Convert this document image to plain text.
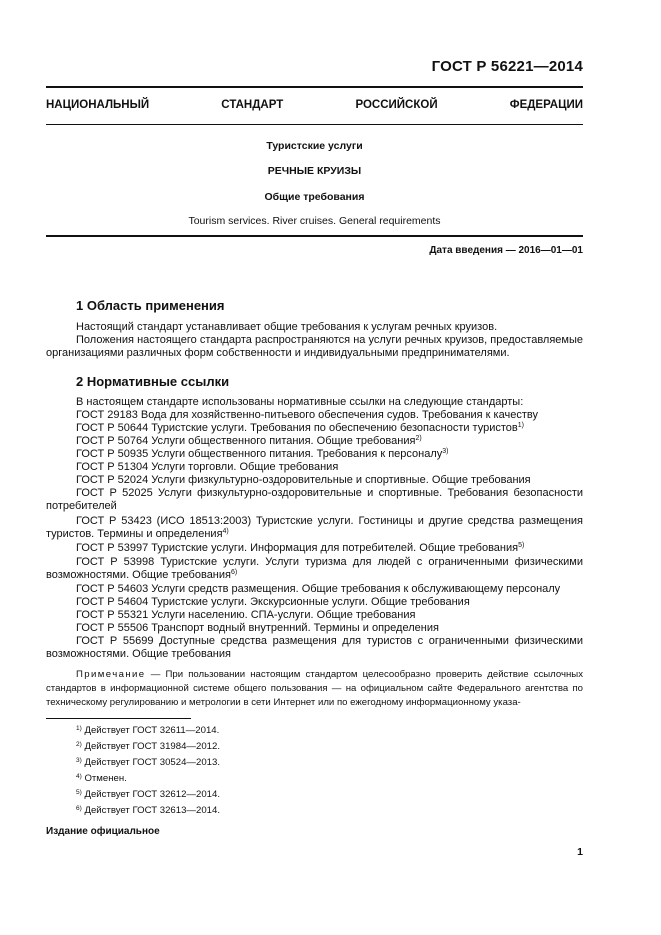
ГОСТ Р 56221—2014
НАЦИОНАЛЬНЫЙ СТАНДАРТ РОССИЙСКОЙ ФЕДЕРАЦИИ
Туристские услуги
РЕЧНЫЕ КРУИЗЫ
Общие требования
Tourism services. River cruises. General requirements
Дата введения — 2016—01—01
1 Область применения
Настоящий стандарт устанавливает общие требования к услугам речных круизов.
Положения настоящего стандарта распространяются на услуги речных круизов, предоставляемые организациями различных форм собственности и индивидуальными предпринимателями.
2 Нормативные ссылки
В настоящем стандарте использованы нормативные ссылки на следующие стандарты:
ГОСТ 29183 Вода для хозяйственно-питьевого обеспечения судов. Требования к качеству
ГОСТ Р 50644 Туристские услуги. Требования по обеспечению безопасности туристов$^{1)}$
ГОСТ Р 50764 Услуги общественного питания. Общие требования$^{2)}$
ГОСТ Р 50935 Услуги общественного питания. Требования к персоналу$^{3)}$
ГОСТ Р 51304 Услуги торговли. Общие требования
ГОСТ Р 52024 Услуги физкультурно-оздоровительные и спортивные. Общие требования
ГОСТ Р 52025 Услуги физкультурно-оздоровительные и спортивные. Требования безопасности потребителей
ГОСТ Р 53423 (ИСО 18513:2003) Туристские услуги. Гостиницы и другие средства размещения туристов. Термины и определения$^{4)}$
ГОСТ Р 53997 Туристские услуги. Информация для потребителей. Общие требования$^{5)}$
ГОСТ Р 53998 Туристские услуги. Услуги туризма для людей с ограниченными физическими возможностями. Общие требования$^{6)}$
ГОСТ Р 54603 Услуги средств размещения. Общие требования к обслуживающему персоналу
ГОСТ Р 54604 Туристские услуги. Экскурсионные услуги. Общие требования
ГОСТ Р 55321 Услуги населению. СПА-услуги. Общие требования
ГОСТ Р 55506 Транспорт водный внутренний. Термины и определения
ГОСТ Р 55699 Доступные средства размещения для туристов с ограниченными физическими возможностями. Общие требования
Примечание — При пользовании настоящим стандартом целесообразно проверить действие ссылочных стандартов в информационной системе общего пользования — на официальном сайте Федерального агентства по техническому регулированию и метрологии в сети Интернет или по ежегодному информационному указа-
$^{1)}$ Действует ГОСТ 32611—2014.
$^{2)}$ Действует ГОСТ 31984—2012.
$^{3)}$ Действует ГОСТ 30524—2013.
$^{4)}$ Отменен.
$^{5)}$ Действует ГОСТ 32612—2014.
$^{6)}$ Действует ГОСТ 32613—2014.
Издание официальное
1
